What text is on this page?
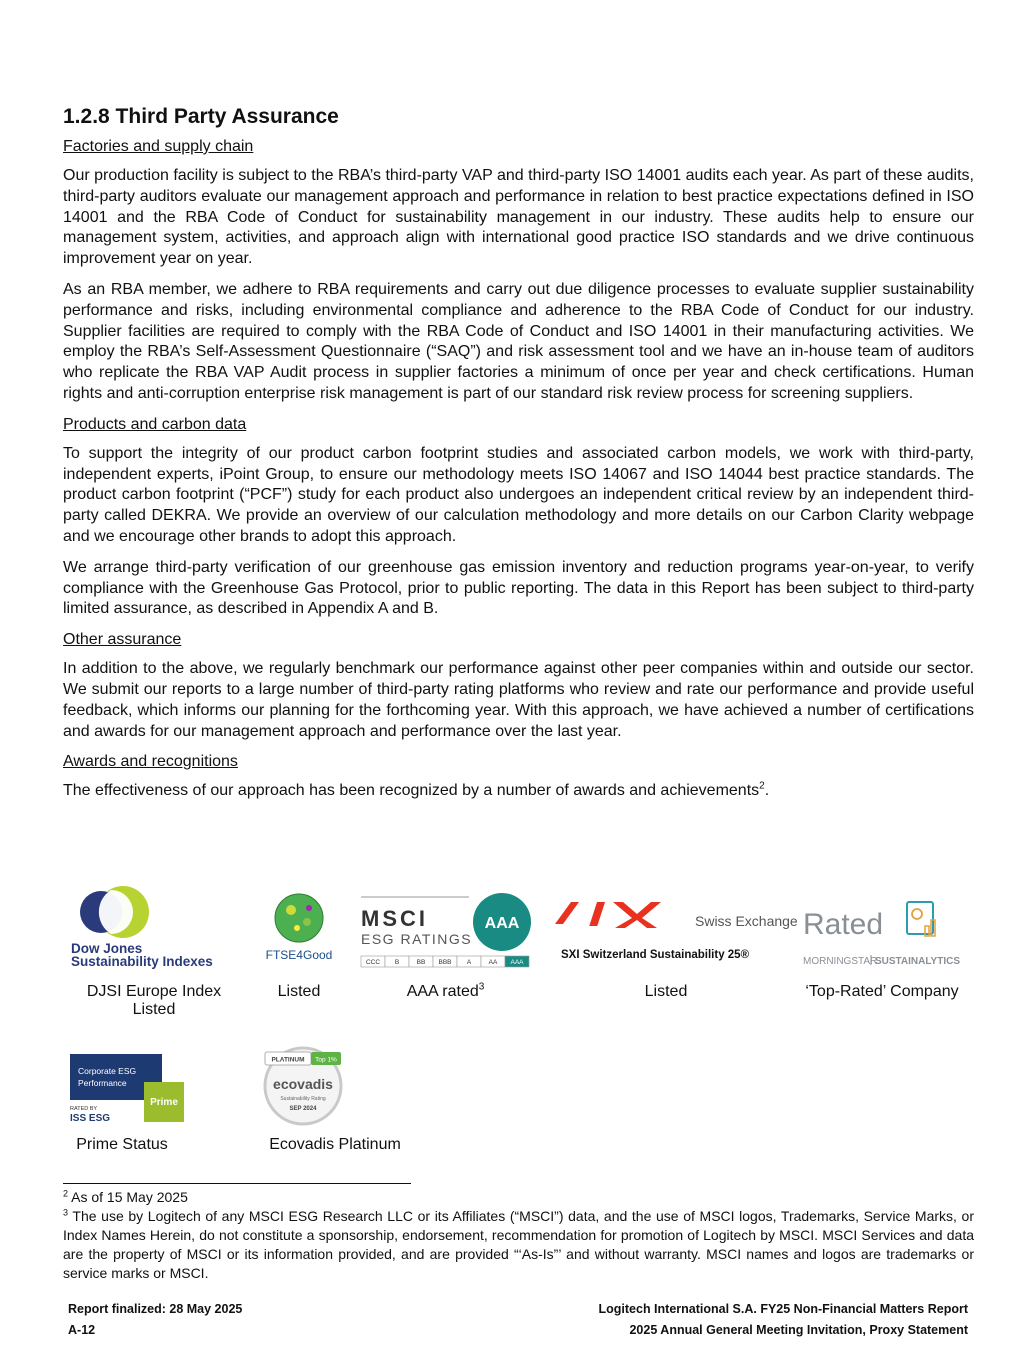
1.2.8 Third Party Assurance
Factories and supply chain

Our production facility is subject to the RBA’s third-party VAP and third-party ISO 14001 audits each year. As part of these audits, third-party auditors evaluate our management approach and performance in relation to best practice expectations defined in ISO 14001 and the RBA Code of Conduct for sustainability management in our industry. These audits help to ensure our management system, activities, and approach align with international good practice ISO standards and we drive continuous improvement year on year.

As an RBA member, we adhere to RBA requirements and carry out due diligence processes to evaluate supplier sustainability performance and risks, including environmental compliance and adherence to the RBA Code of Conduct for our industry. Supplier facilities are required to comply with the RBA Code of Conduct and ISO 14001 in their manufacturing activities. We employ the RBA’s Self-Assessment Questionnaire (“SAQ”) and risk assessment tool and we have an in-house team of auditors who replicate the RBA VAP Audit process in supplier factories a minimum of once per year and check certifications. Human rights and anti-corruption enterprise risk management is part of our standard risk review process for screening suppliers.

Products and carbon data

To support the integrity of our product carbon footprint studies and associated carbon models, we work with third-party, independent experts, iPoint Group, to ensure our methodology meets ISO 14067 and ISO 14044 best practice standards. The product carbon footprint (“PCF”) study for each product also undergoes an independent critical review by an independent third-party called DEKRA. We provide an overview of our calculation methodology and more details on our Carbon Clarity webpage and we encourage other brands to adopt this approach.

We arrange third-party verification of our greenhouse gas emission inventory and reduction programs year-on-year, to verify compliance with the Greenhouse Gas Protocol, prior to public reporting. The data in this Report has been subject to third-party limited assurance, as described in Appendix A and B.

Other assurance

In addition to the above, we regularly benchmark our performance against other peer companies within and outside our sector. We submit our reports to a large number of third-party rating platforms who review and rate our performance and provide useful feedback, which informs our planning for the forthcoming year. With this approach, we have achieved a number of certifications and awards for our management approach and performance over the last year.

Awards and recognitions

The effectiveness of our approach has been recognized by a number of awards and achievements$^2$.

Dow Jones
Sustainability Indexes
DJSI Europe Index
Listed
FTSE4Good
Listed
MSCI
ESG RATINGS
AAA
CCC B	BB BBB A	AA AAA
AAA rated$^3$
Swiss Exchange
SXI Switzerland Sustainability 25®
Listed
Rated
MORNINGSTAR
SUSTAINALYTICS
‘Top-Rated’ Company
Corporate ESG
Performance
Prime
RATED BY
ISS ESG
Prime Status
PLATINUM Top 1%
ecovadis
Sustainability Rating
SEP 2024
Ecovadis Platinum

$^2$ As of 15 May 2025

$^3$ The use by Logitech of any MSCI ESG Research LLC or its Affiliates (“MSCI”) data, and the use of MSCI logos, Trademarks, Service Marks, or Index Names Herein, do not constitute a sponsorship, endorsement, recommendation for promotion of Logitech by MSCI. MSCI Services and data are the property of MSCI or its information provided, and are provided “‘As-Is”’ and without warranty. MSCI names and logos are trademarks or service marks or MSCI.

Report finalized: 28 May 2025	Logitech International S.A. FY25 Non-Financial Matters Report
A-12	2025 Annual General Meeting Invitation, Proxy Statement
